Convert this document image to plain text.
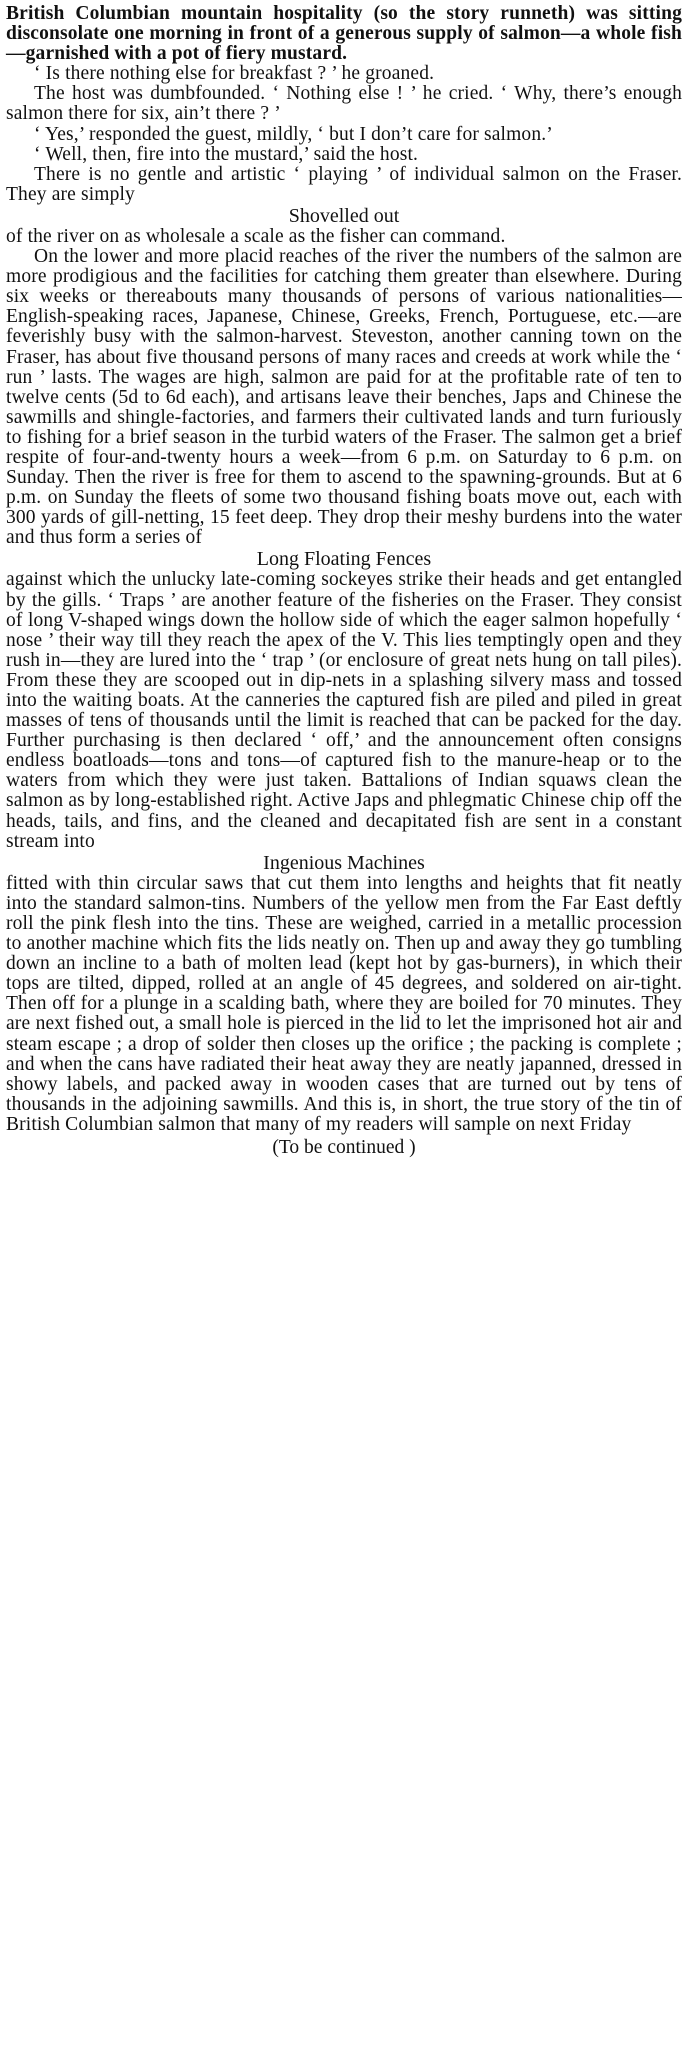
British Columbian mountain hospitality (so the story runneth) was sitting disconsolate one morning in front of a generous supply of salmon—a whole fish—garnished with a pot of fiery mustard.

‘ Is there nothing else for breakfast ? ’ he groaned.

The host was dumbfounded. ‘ Nothing else ! ’ he cried. ‘ Why, there’s enough salmon there for six, ain’t there ? ’

‘ Yes,’ responded the guest, mildly, ‘ but I don’t care for salmon.’

‘ Well, then, fire into the mustard,’ said the host.

There is no gentle and artistic ‘ playing ’ of individual salmon on the Fraser. They are simply

Shovelled out

of the river on as wholesale a scale as the fisher can command.

On the lower and more placid reaches of the river the numbers of the salmon are more prodigious and the facilities for catching them greater than elsewhere. During six weeks or thereabouts many thousands of persons of various nationalities—English-speaking races, Japanese, Chinese, Greeks, French, Portuguese, etc.—are feverishly busy with the salmon-harvest. Steveston, another canning town on the Fraser, has about five thousand persons of many races and creeds at work while the ‘ run ’ lasts. The wages are high, salmon are paid for at the profitable rate of ten to twelve cents (5d to 6d each), and artisans leave their benches, Japs and Chinese the sawmills and shingle-factories, and farmers their cultivated lands and turn furiously to fishing for a brief season in the turbid waters of the Fraser. The salmon get a brief respite of four-and-twenty hours a week—from 6 p.m. on Saturday to 6 p.m. on Sunday. Then the river is free for them to ascend to the spawning-grounds. But at 6 p.m. on Sunday the fleets of some two thousand fishing boats move out, each with 300 yards of gill-netting, 15 feet deep. They drop their meshy burdens into the water and thus form a series of

Long Floating Fences

against which the unlucky late-coming sockeyes strike their heads and get entangled by the gills. ‘ Traps ’ are another feature of the fisheries on the Fraser. They consist of long V-shaped wings down the hollow side of which the eager salmon hopefully ‘ nose ’ their way till they reach the apex of the V. This lies temptingly open and they rush in—they are lured into the ‘ trap ’ (or enclosure of great nets hung on tall piles). From these they are scooped out in dip-nets in a splashing silvery mass and tossed into the waiting boats. At the canneries the captured fish are piled and piled in great masses of tens of thousands until the limit is reached that can be packed for the day. Further purchasing is then declared ‘ off,’ and the announcement often consigns endless boatloads—tons and tons—of captured fish to the manure-heap or to the waters from which they were just taken. Battalions of Indian squaws clean the salmon as by long-established right. Active Japs and phlegmatic Chinese chip off the heads, tails, and fins, and the cleaned and decapitated fish are sent in a constant stream into

Ingenious Machines

fitted with thin circular saws that cut them into lengths and heights that fit neatly into the standard salmon-tins. Numbers of the yellow men from the Far East deftly roll the pink flesh into the tins. These are weighed, carried in a metallic procession to another machine which fits the lids neatly on. Then up and away they go tumbling down an incline to a bath of molten lead (kept hot by gas-burners), in which their tops are tilted, dipped, rolled at an angle of 45 degrees, and soldered on air-tight. Then off for a plunge in a scalding bath, where they are boiled for 70 minutes. They are next fished out, a small hole is pierced in the lid to let the imprisoned hot air and steam escape ; a drop of solder then closes up the orifice ; the packing is complete ; and when the cans have radiated their heat away they are neatly japanned, dressed in showy labels, and packed away in wooden cases that are turned out by tens of thousands in the adjoining sawmills. And this is, in short, the true story of the tin of British Columbian salmon that many of my readers will sample on next Friday

(To be continued )
